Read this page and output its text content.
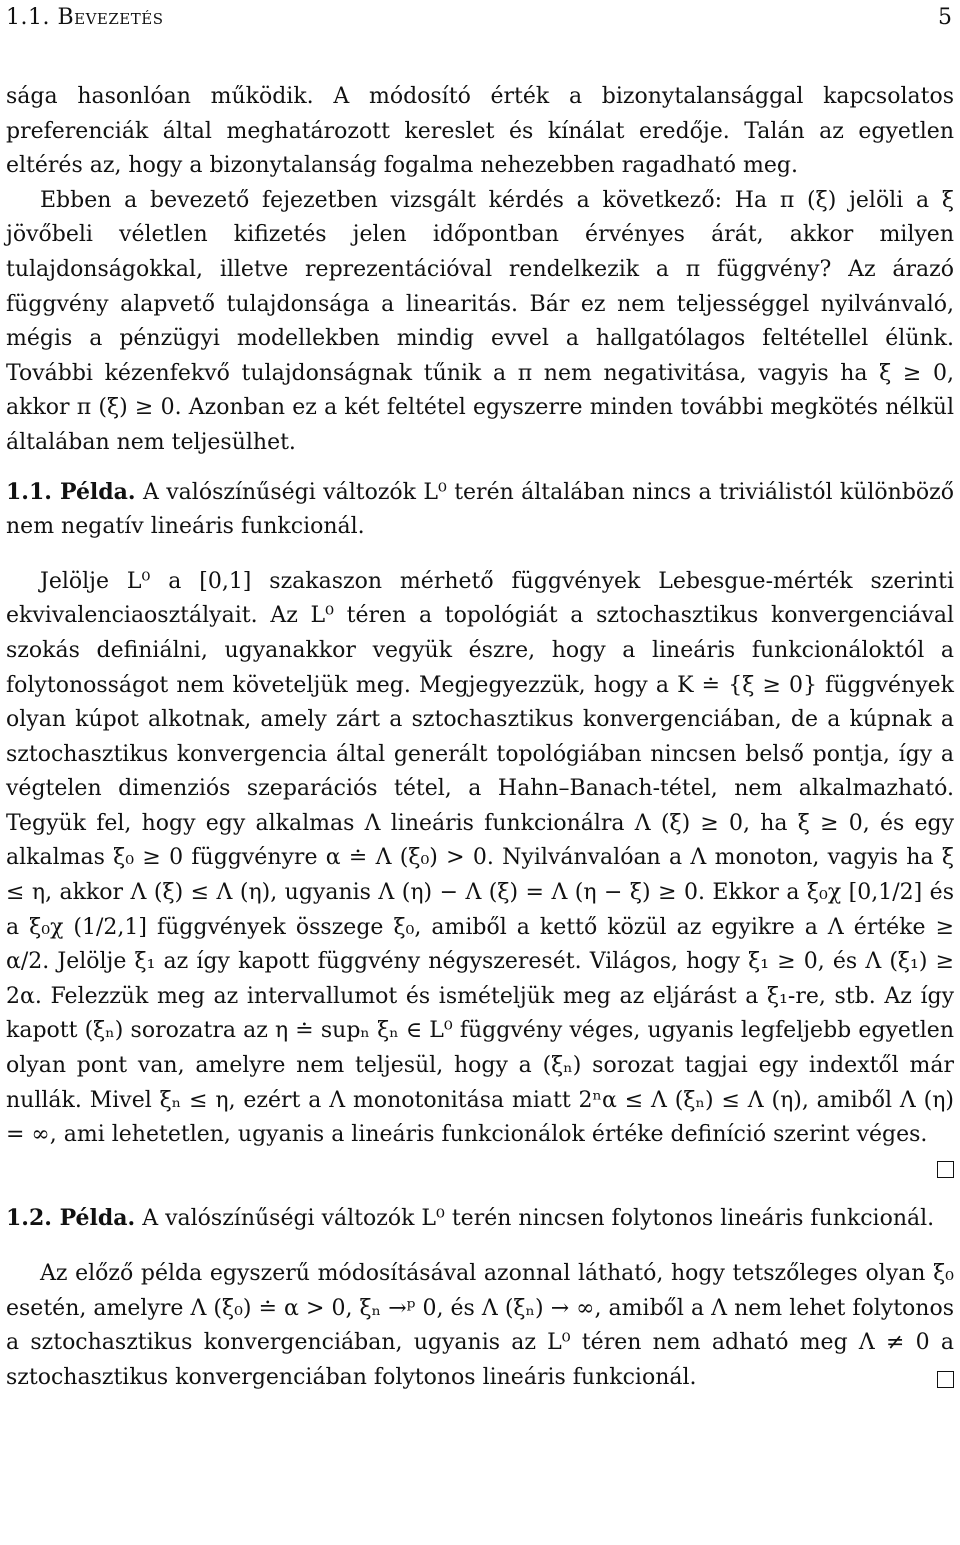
1.1. Bevezetés	5

sága hasonlóan működik. A módosító érték a bizonytalansággal kapcsolatos preferenciák által meghatározott kereslet és kínálat eredője. Talán az egyetlen eltérés az, hogy a bizonytalanság fogalma nehezebben ragadható meg.

Ebben a bevezető fejezetben vizsgált kérdés a következő: Ha π (ξ) jelöli a ξ jövőbeli véletlen kifizetés jelen időpontban érvényes árát, akkor milyen tulajdonságokkal, illetve reprezentációval rendelkezik a π függvény? Az árazó függvény alapvető tulajdonsága a linearitás. Bár ez nem teljességgel nyilvánvaló, mégis a pénzügyi modellekben mindig evvel a hallgatólagos feltétellel élünk. További kézenfekvő tulajdonságnak tűnik a π nem negativitása, vagyis ha ξ ≥ 0, akkor π (ξ) ≥ 0. Azonban ez a két feltétel egyszerre minden további megkötés nélkül általában nem teljesülhet.

1.1. Példa. A valószínűségi változók L⁰ terén általában nincs a triviálistól különböző nem negatív lineáris funkcionál.

Jelölje L⁰ a [0,1] szakaszon mérhető függvények Lebesgue-mérték szerinti ekvivalenciaosztályait. Az L⁰ téren a topológiát a sztochasztikus konvergenciával szokás definiálni, ugyanakkor vegyük észre, hogy a lineáris funkcionáloktól a folytonosságot nem követeljük meg. Megjegyezzük, hogy a K ≐ {ξ ≥ 0} függvények olyan kúpot alkotnak, amely zárt a sztochasztikus konvergenciában, de a kúpnak a sztochasztikus konvergencia által generált topológiában nincsen belső pontja, így a végtelen dimenziós szeparációs tétel, a Hahn–Banach-tétel, nem alkalmazható. Tegyük fel, hogy egy alkalmas Λ lineáris funkcionálra Λ (ξ) ≥ 0, ha ξ ≥ 0, és egy alkalmas ξ₀ ≥ 0 függvényre α ≐ Λ (ξ₀) > 0. Nyilvánvalóan a Λ monoton, vagyis ha ξ ≤ η, akkor Λ (ξ) ≤ Λ (η), ugyanis Λ (η) − Λ (ξ) = Λ (η − ξ) ≥ 0. Ekkor a ξ₀χ [0,1/2] és a ξ₀χ (1/2,1] függvények összege ξ₀, amiből a kettő közül az egyikre a Λ értéke ≥ α/2. Jelölje ξ₁ az így kapott függvény négyszeresét. Világos, hogy ξ₁ ≥ 0, és Λ (ξ₁) ≥ 2α. Felezzük meg az intervallumot és ismételjük meg az eljárást a ξ₁-re, stb. Az így kapott (ξₙ) sorozatra az η ≐ supₙ ξₙ ∈ L⁰ függvény véges, ugyanis legfeljebb egyetlen olyan pont van, amelyre nem teljesül, hogy a (ξₙ) sorozat tagjai egy indextől már nullák. Mivel ξₙ ≤ η, ezért a Λ monotonitása miatt 2ⁿα ≤ Λ (ξₙ) ≤ Λ (η), amiből Λ (η) = ∞, ami lehetetlen, ugyanis a lineáris funkcionálok értéke definíció szerint véges.

1.2. Példa. A valószínűségi változók L⁰ terén nincsen folytonos lineáris funkcionál.

Az előző példa egyszerű módosításával azonnal látható, hogy tetszőleges olyan ξ₀ esetén, amelyre Λ (ξ₀) ≐ α > 0, ξₙ →ᵖ 0, és Λ (ξₙ) → ∞, amiből a Λ nem lehet folytonos a sztochasztikus konvergenciában, ugyanis az L⁰ téren nem adható meg Λ ≠ 0 a sztochasztikus konvergenciában folytonos lineáris funkcionál.
